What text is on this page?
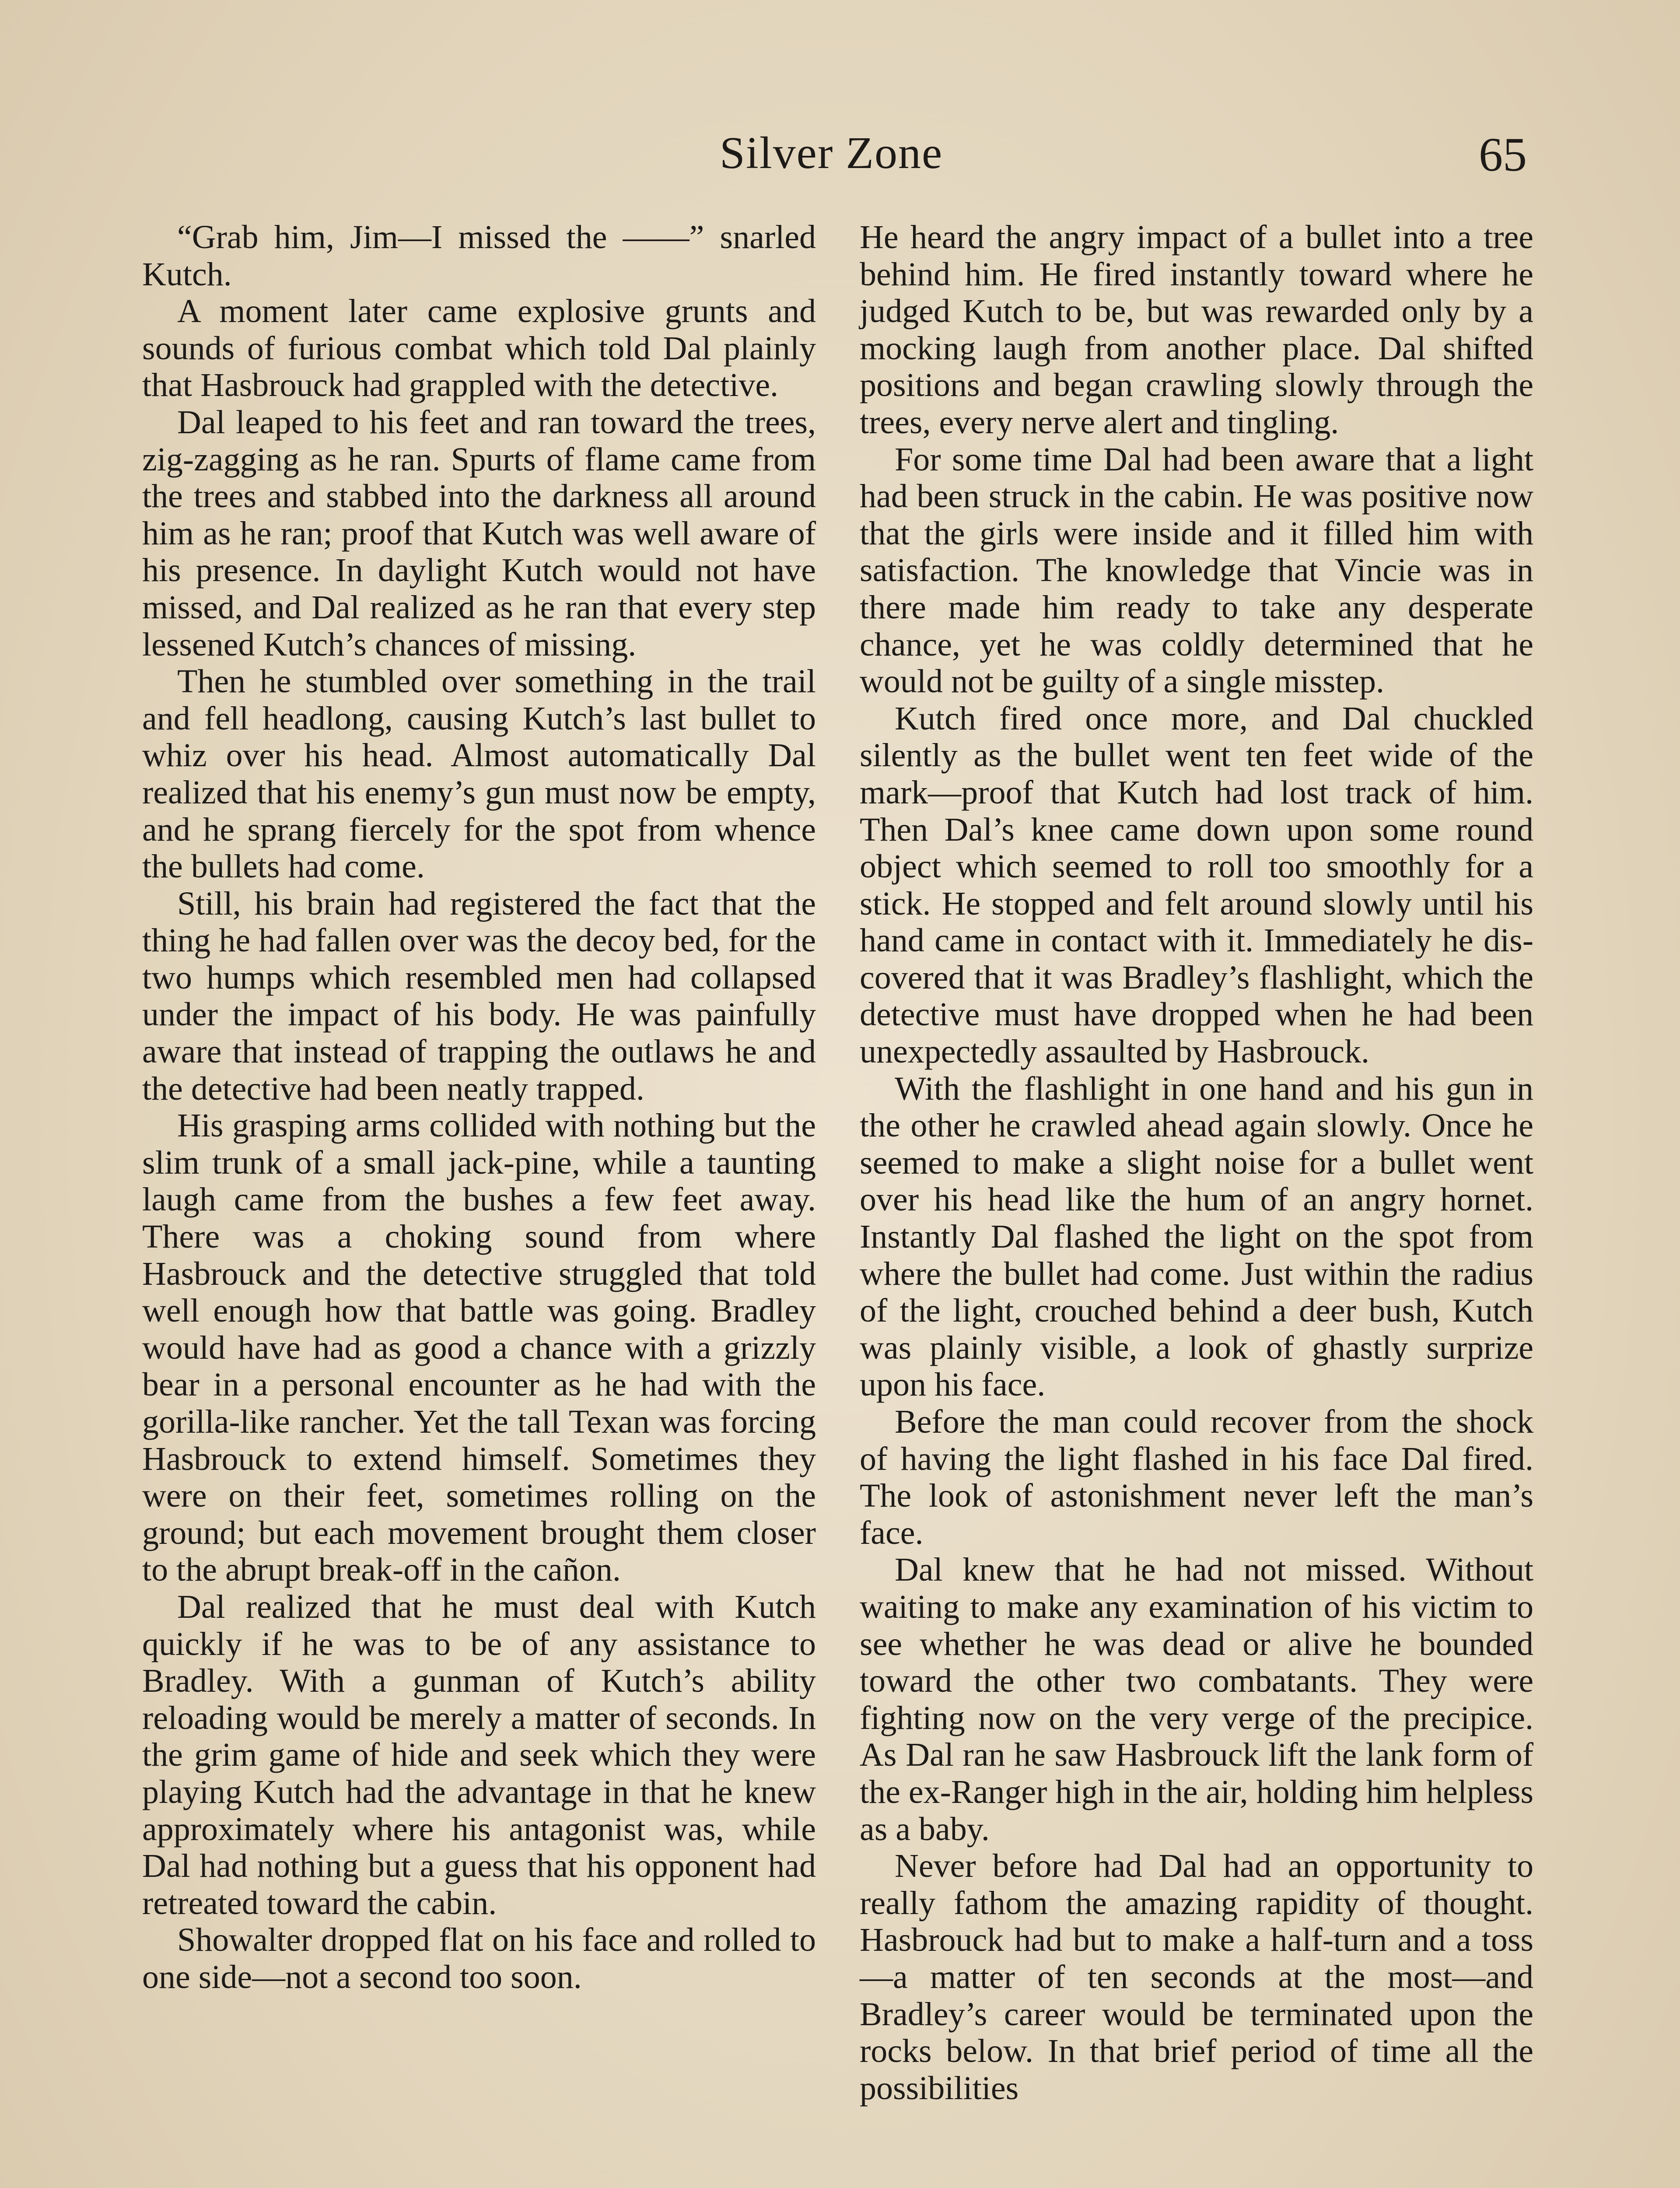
Silver Zone	65

“Grab him, Jim—I missed the ——” snarled Kutch.

A moment later came explosive grunts and sounds of furious combat which told Dal plainly that Hasbrouck had grappled with the detective.

Dal leaped to his feet and ran toward the trees, zig-zagging as he ran. Spurts of flame came from the trees and stabbed into the darkness all around him as he ran; proof that Kutch was well aware of his presence. In daylight Kutch would not have missed, and Dal realized as he ran that every step lessened Kutch’s chances of missing.

Then he stumbled over something in the trail and fell headlong, causing Kutch’s last bullet to whiz over his head. Almost automatically Dal realized that his enemy’s gun must now be empty, and he sprang fiercely for the spot from whence the bullets had come.

Still, his brain had registered the fact that the thing he had fallen over was the decoy bed, for the two humps which resembled men had collapsed under the impact of his body. He was painfully aware that instead of trapping the outlaws he and the detective had been neatly trapped.

His grasping arms collided with nothing but the slim trunk of a small jack-pine, while a taunting laugh came from the bushes a few feet away. There was a choking sound from where Hasbrouck and the detective struggled that told well enough how that battle was going. Bradley would have had as good a chance with a grizzly bear in a personal encounter as he had with the gorilla-like rancher. Yet the tall Texan was forcing Hasbrouck to extend himself. Sometimes they were on their feet, sometimes rolling on the ground; but each movement brought them closer to the abrupt break-off in the cañon.

Dal realized that he must deal with Kutch quickly if he was to be of any assistance to Bradley. With a gunman of Kutch’s ability reloading would be merely a matter of seconds. In the grim game of hide and seek which they were playing Kutch had the advantage in that he knew approximately where his antagonist was, while Dal had nothing but a guess that his opponent had retreated toward the cabin.

Showalter dropped flat on his face and rolled to one side—not a second too soon.

He heard the angry impact of a bullet into a tree behind him. He fired instantly toward where he judged Kutch to be, but was rewarded only by a mocking laugh from another place. Dal shifted positions and began crawling slowly through the trees, every nerve alert and tingling.

For some time Dal had been aware that a light had been struck in the cabin. He was positive now that the girls were inside and it filled him with satisfaction. The knowledge that Vincie was in there made him ready to take any desperate chance, yet he was coldly determined that he would not be guilty of a single misstep.

Kutch fired once more, and Dal chuckled silently as the bullet went ten feet wide of the mark—proof that Kutch had lost track of him. Then Dal’s knee came down upon some round object which seemed to roll too smoothly for a stick. He stopped and felt around slowly until his hand came in contact with it. Immediately he discovered that it was Bradley’s flashlight, which the detective must have dropped when he had been unexpectedly assaulted by Hasbrouck.

With the flashlight in one hand and his gun in the other he crawled ahead again slowly. Once he seemed to make a slight noise for a bullet went over his head like the hum of an angry hornet. Instantly Dal flashed the light on the spot from where the bullet had come. Just within the radius of the light, crouched behind a deer bush, Kutch was plainly visible, a look of ghastly surprize upon his face.

Before the man could recover from the shock of having the light flashed in his face Dal fired. The look of astonishment never left the man’s face.

Dal knew that he had not missed. Without waiting to make any examination of his victim to see whether he was dead or alive he bounded toward the other two combatants. They were fighting now on the very verge of the precipice. As Dal ran he saw Hasbrouck lift the lank form of the ex-Ranger high in the air, holding him helpless as a baby.

Never before had Dal had an opportunity to really fathom the amazing rapidity of thought. Hasbrouck had but to make a half-turn and a toss—a matter of ten seconds at the most—and Bradley’s career would be terminated upon the rocks below. In that brief period of time all the possibilities
